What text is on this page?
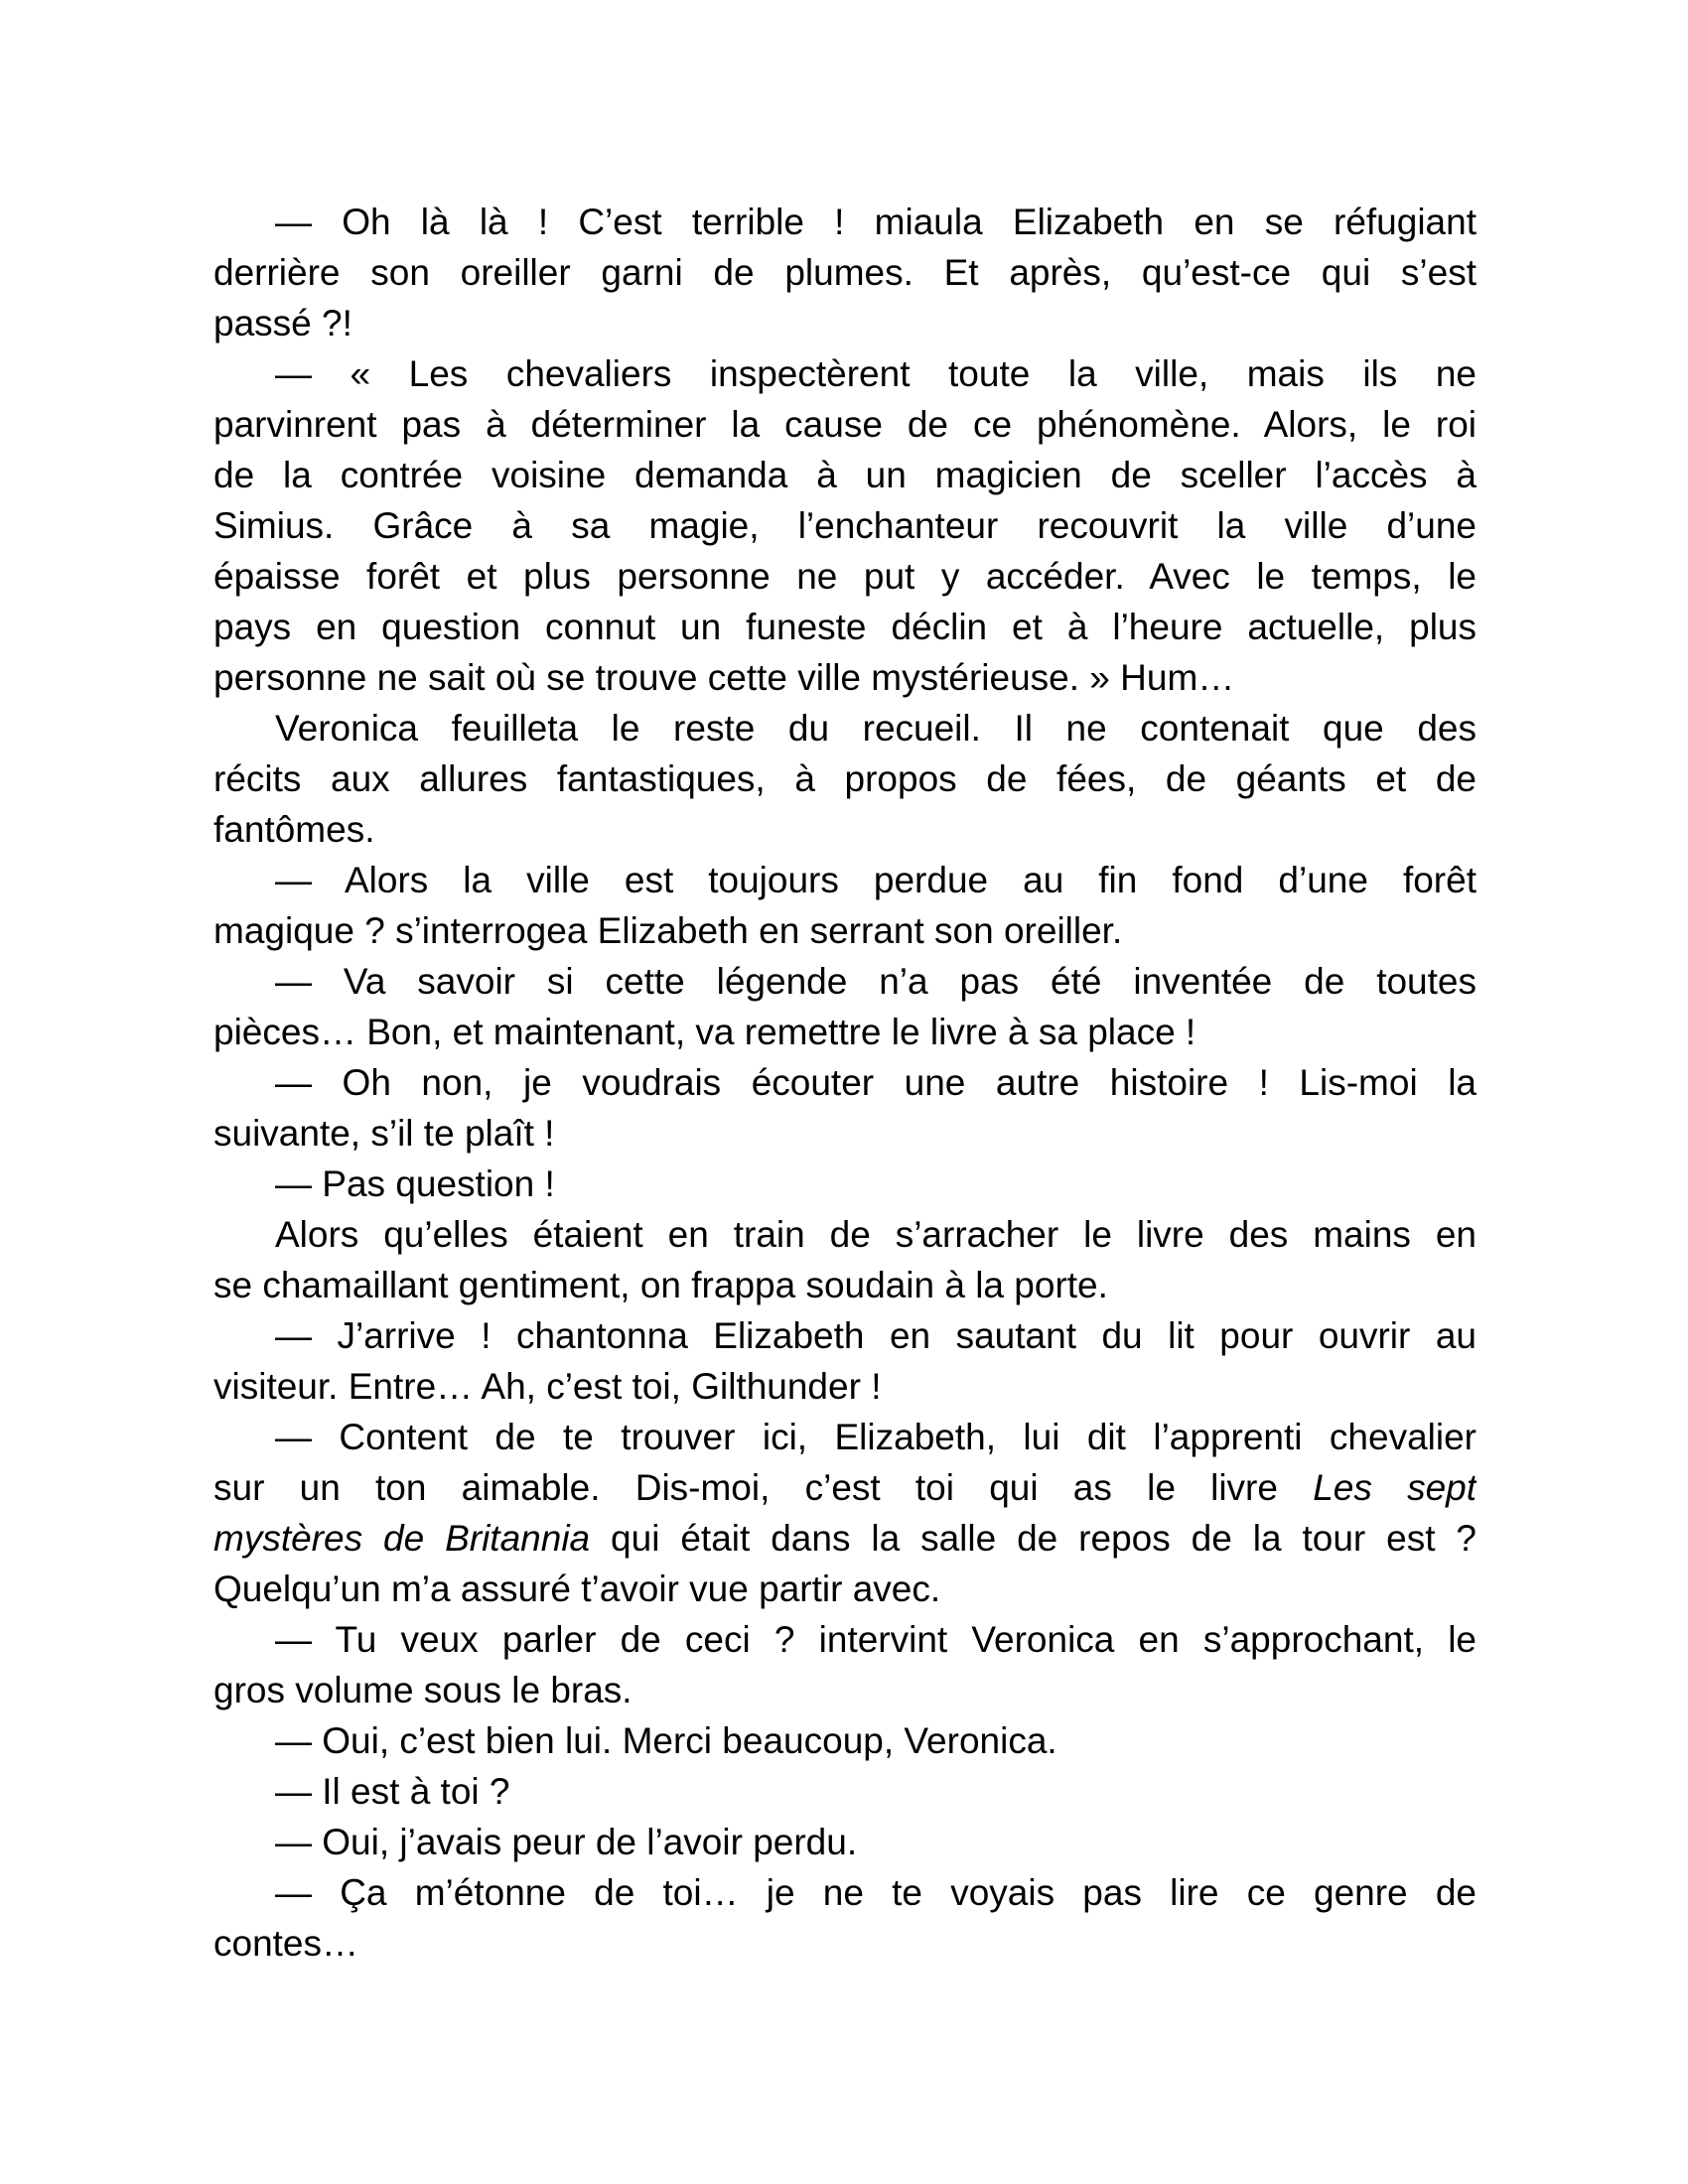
— Oh là là ! C’est terrible ! miaula Elizabeth en se réfugiant
derrière son oreiller garni de plumes. Et après, qu’est-ce qui s’est
passé ?!
— « Les chevaliers inspectèrent toute la ville, mais ils ne
parvinrent pas à déterminer la cause de ce phénomène. Alors, le roi
de la contrée voisine demanda à un magicien de sceller l’accès à
Simius. Grâce à sa magie, l’enchanteur recouvrit la ville d’une
épaisse forêt et plus personne ne put y accéder. Avec le temps, le
pays en question connut un funeste déclin et à l’heure actuelle, plus
personne ne sait où se trouve cette ville mystérieuse. » Hum…
Veronica feuilleta le reste du recueil. Il ne contenait que des
récits aux allures fantastiques, à propos de fées, de géants et de
fantômes.
— Alors la ville est toujours perdue au fin fond d’une forêt
magique ? s’interrogea Elizabeth en serrant son oreiller.
— Va savoir si cette légende n’a pas été inventée de toutes
pièces… Bon, et maintenant, va remettre le livre à sa place !
— Oh non, je voudrais écouter une autre histoire ! Lis-moi la
suivante, s’il te plaît !
— Pas question !
Alors qu’elles étaient en train de s’arracher le livre des mains en
se chamaillant gentiment, on frappa soudain à la porte.
— J’arrive ! chantonna Elizabeth en sautant du lit pour ouvrir au
visiteur. Entre… Ah, c’est toi, Gilthunder !
— Content de te trouver ici, Elizabeth, lui dit l’apprenti chevalier
sur un ton aimable. Dis-moi, c’est toi qui as le livre Les sept
mystères de Britannia qui était dans la salle de repos de la tour est ?
Quelqu’un m’a assuré t’avoir vue partir avec.
— Tu veux parler de ceci ? intervint Veronica en s’approchant, le
gros volume sous le bras.
— Oui, c’est bien lui. Merci beaucoup, Veronica.
— Il est à toi ?
— Oui, j’avais peur de l’avoir perdu.
— Ça m’étonne de toi… je ne te voyais pas lire ce genre de
contes…
